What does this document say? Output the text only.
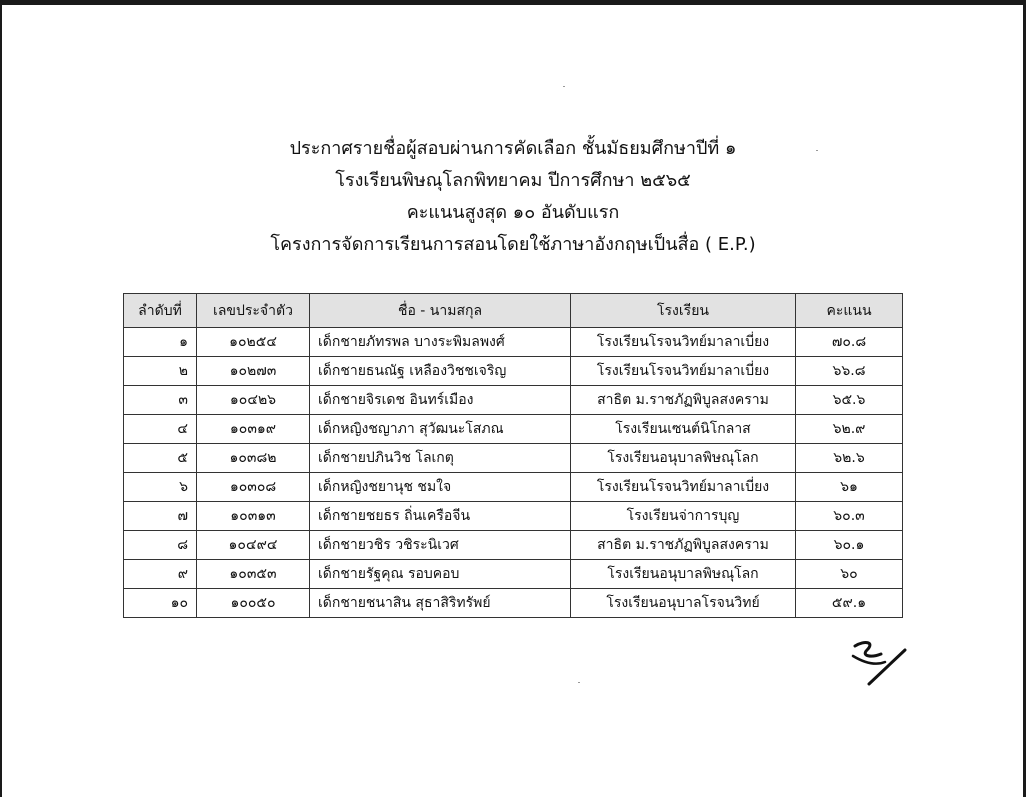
ประกาศรายชื่อผู้สอบผ่านการคัดเลือก ชั้นมัธยมศึกษาปีที่ ๑
โรงเรียนพิษณุโลกพิทยาคม ปีการศึกษา ๒๕๖๕
คะแนนสูงสุด ๑๐ อันดับแรก
โครงการจัดการเรียนการสอนโดยใช้ภาษาอังกฤษเป็นสื่อ ( E.P.)
ลำดับที่	เลขประจำตัว	ชื่อ - นามสกุล	โรงเรียน	คะแนน
๑	๑๐๒๕๔	เด็กชายภัทรพล บางระพิมลพงศ์	โรงเรียนโรจนวิทย์มาลาเบี่ยง	๗๐.๘
๒	๑๐๒๗๓	เด็กชายธนณัฐ เหลืองวิชชเจริญ	โรงเรียนโรจนวิทย์มาลาเบี่ยง	๖๖.๘
๓	๑๐๔๒๖	เด็กชายจิรเดช อินทร์เมือง	สาธิต ม.ราชภัฏพิบูลสงคราม	๖๕.๖
๔	๑๐๓๑๙	เด็กหญิงชญาภา สุวัฒนะโสภณ	โรงเรียนเซนต์นิโกลาส	๖๒.๙
๕	๑๐๓๘๒	เด็กชายปภินวิช โลเกตุ	โรงเรียนอนุบาลพิษณุโลก	๖๒.๖
๖	๑๐๓๐๘	เด็กหญิงชยานุช ชมใจ	โรงเรียนโรจนวิทย์มาลาเบี่ยง	๖๑
๗	๑๐๓๑๓	เด็กชายชยธร ถิ่นเครือจีน	โรงเรียนจ่าการบุญ	๖๐.๓
๘	๑๐๔๙๔	เด็กชายวชิร วชิระนิเวศ	สาธิต ม.ราชภัฏพิบูลสงคราม	๖๐.๑
๙	๑๐๓๕๓	เด็กชายรัฐคุณ รอบคอบ	โรงเรียนอนุบาลพิษณุโลก	๖๐
๑๐	๑๐๐๕๐	เด็กชายชนาสิน สุธาสิริทรัพย์	โรงเรียนอนุบาลโรจนวิทย์	๕๙.๑
